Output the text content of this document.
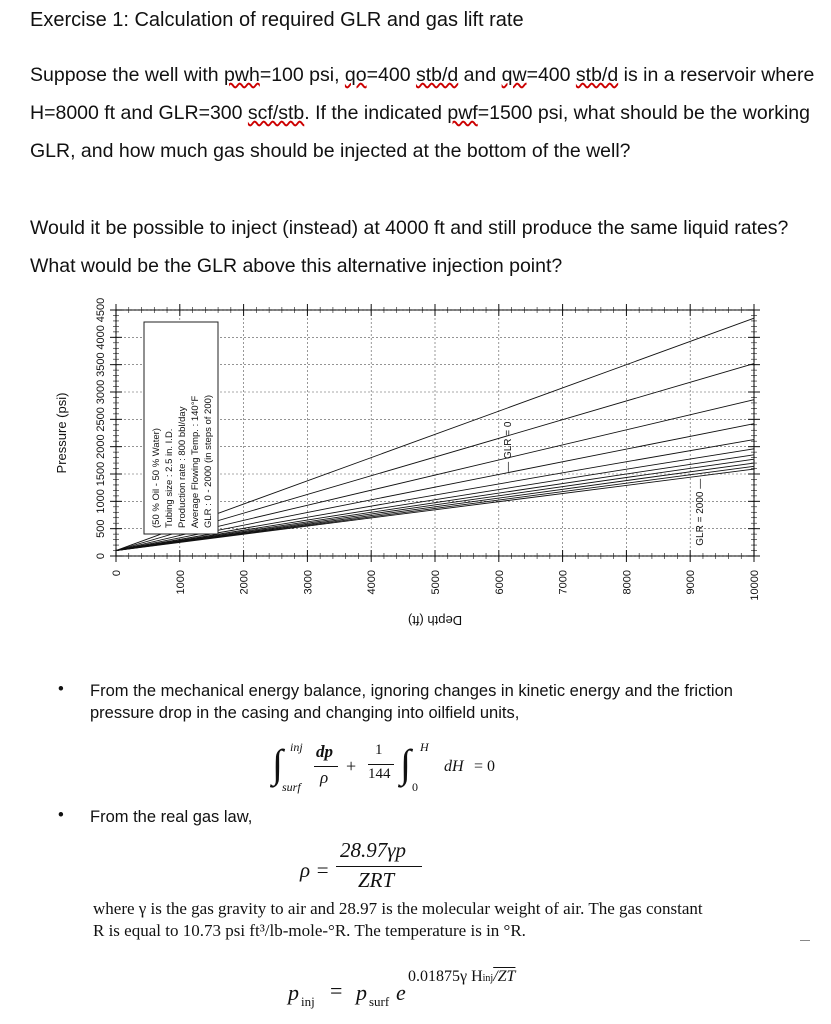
Exercise 1: Calculation of required GLR and gas lift rate
Suppose the well with pwh=100 psi, qo=400 stb/d and qw=400 stb/d is in a reservoir where H=8000 ft and GLR=300 scf/stb. If the indicated pwf=1500 psi, what should be the working GLR, and how much gas should be injected at the bottom of the well?
Would it be possible to inject (instead) at 4000 ft and still produce the same liquid rates? What would be the GLR above this alternative injection point?
Pressure (psi)
0
500
1000
1500
2000
2500
3000
3500
4000
4500
0	1000	2000	3000	4000	5000	6000	7000	8000	9000	10000
(50 % Oil - 50 % Water) Tubing size : 2.5 in. I.D. Production rate : 800 bbl/day Average Flowing Temp. : 140°F GLR : 0 - 2000 (in steps of 200)	— GLR = 0
GLR = 2000 —
Depth (ft)
• From the mechanical energy balance, ignoring changes in kinetic energy and the friction pressure drop in the casing and changing into oilfield units,
∫ inj
surf
dp
ρ
+
1
144 ∫ H
0
dH = 0
• From the real gas law,
ρ =
28.97γp
ZRT
where γ is the gas gravity to air and 28.97 is the molecular weight of air. The gas constant
R is equal to 10.73 psi ft³/lb-mole-°R. The temperature is in °R.
p inj = p surf e
0.01875γ Hinj/ZT
